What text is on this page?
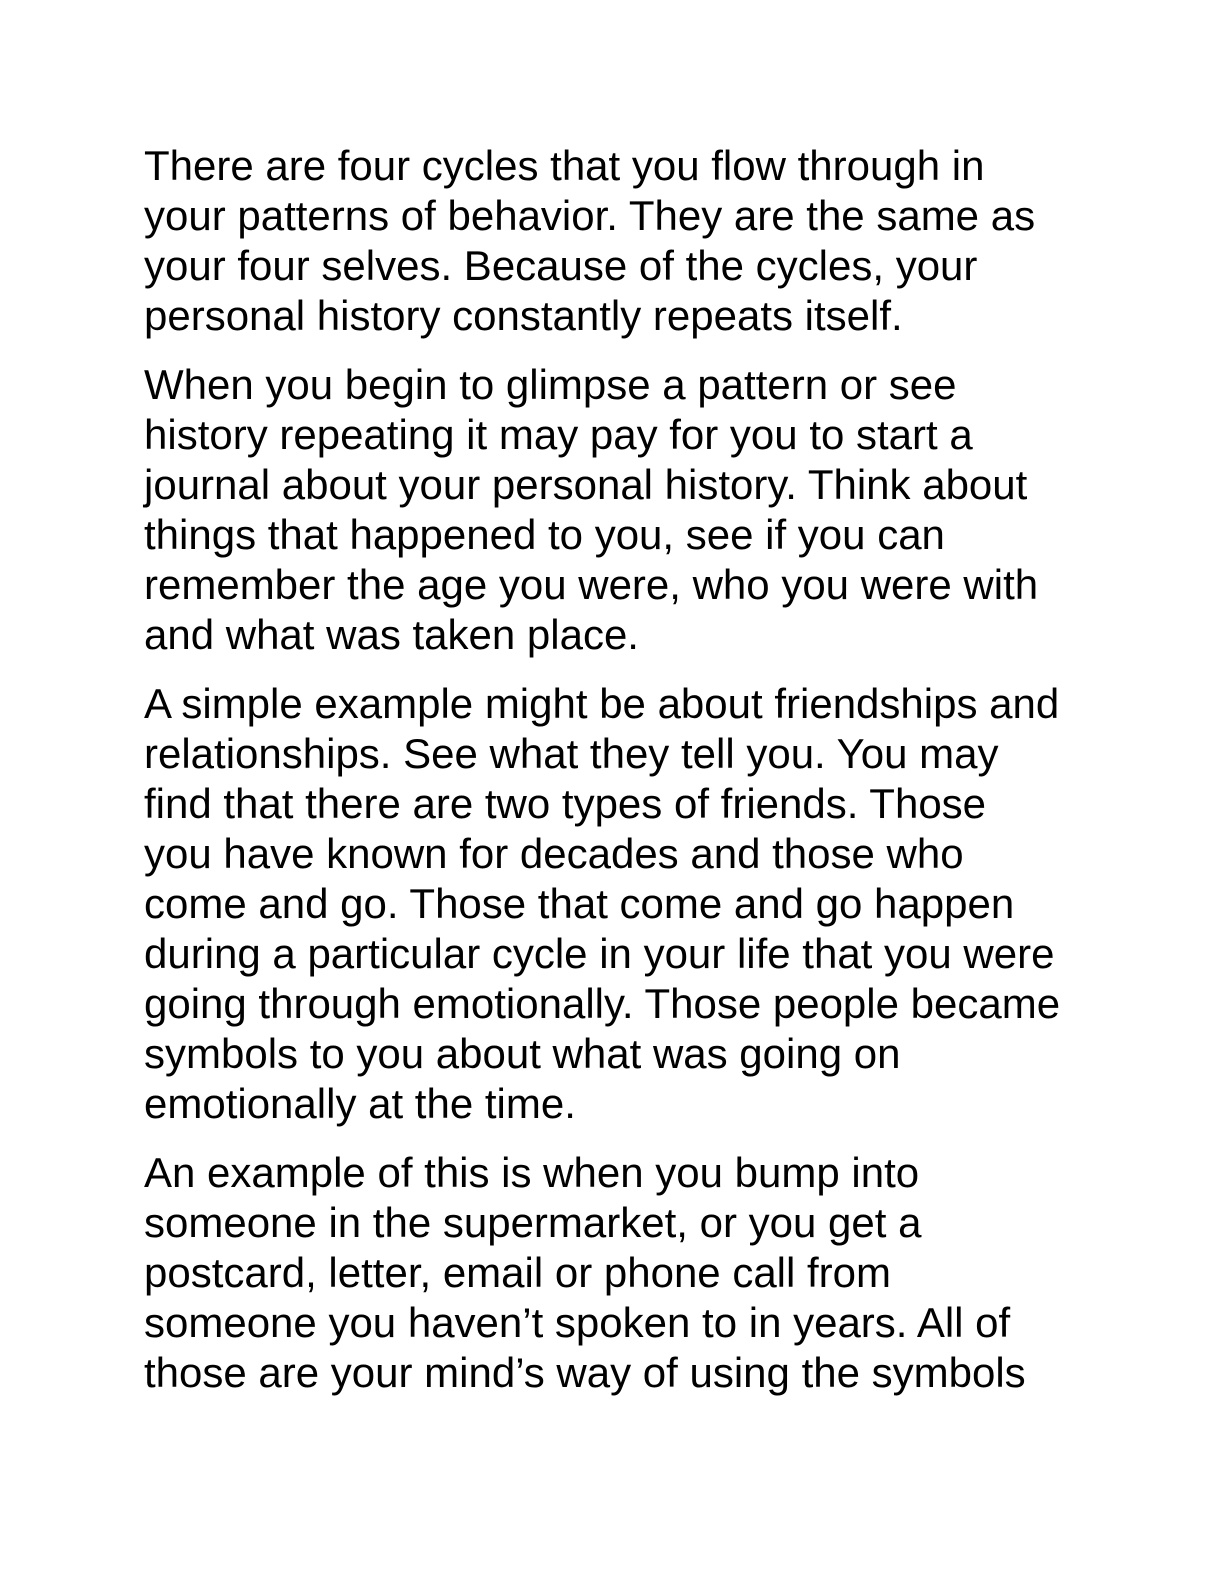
There are four cycles that you flow through in
your patterns of behavior. They are the same as
your four selves. Because of the cycles, your
personal history constantly repeats itself.

When you begin to glimpse a pattern or see
history repeating it may pay for you to start a
journal about your personal history. Think about
things that happened to you, see if you can
remember the age you were, who you were with
and what was taken place.

A simple example might be about friendships and
relationships. See what they tell you. You may
find that there are two types of friends. Those
you have known for decades and those who
come and go. Those that come and go happen
during a particular cycle in your life that you were
going through emotionally. Those people became
symbols to you about what was going on
emotionally at the time.

An example of this is when you bump into
someone in the supermarket, or you get a
postcard, letter, email or phone call from
someone you haven’t spoken to in years. All of
those are your mind’s way of using the symbols
